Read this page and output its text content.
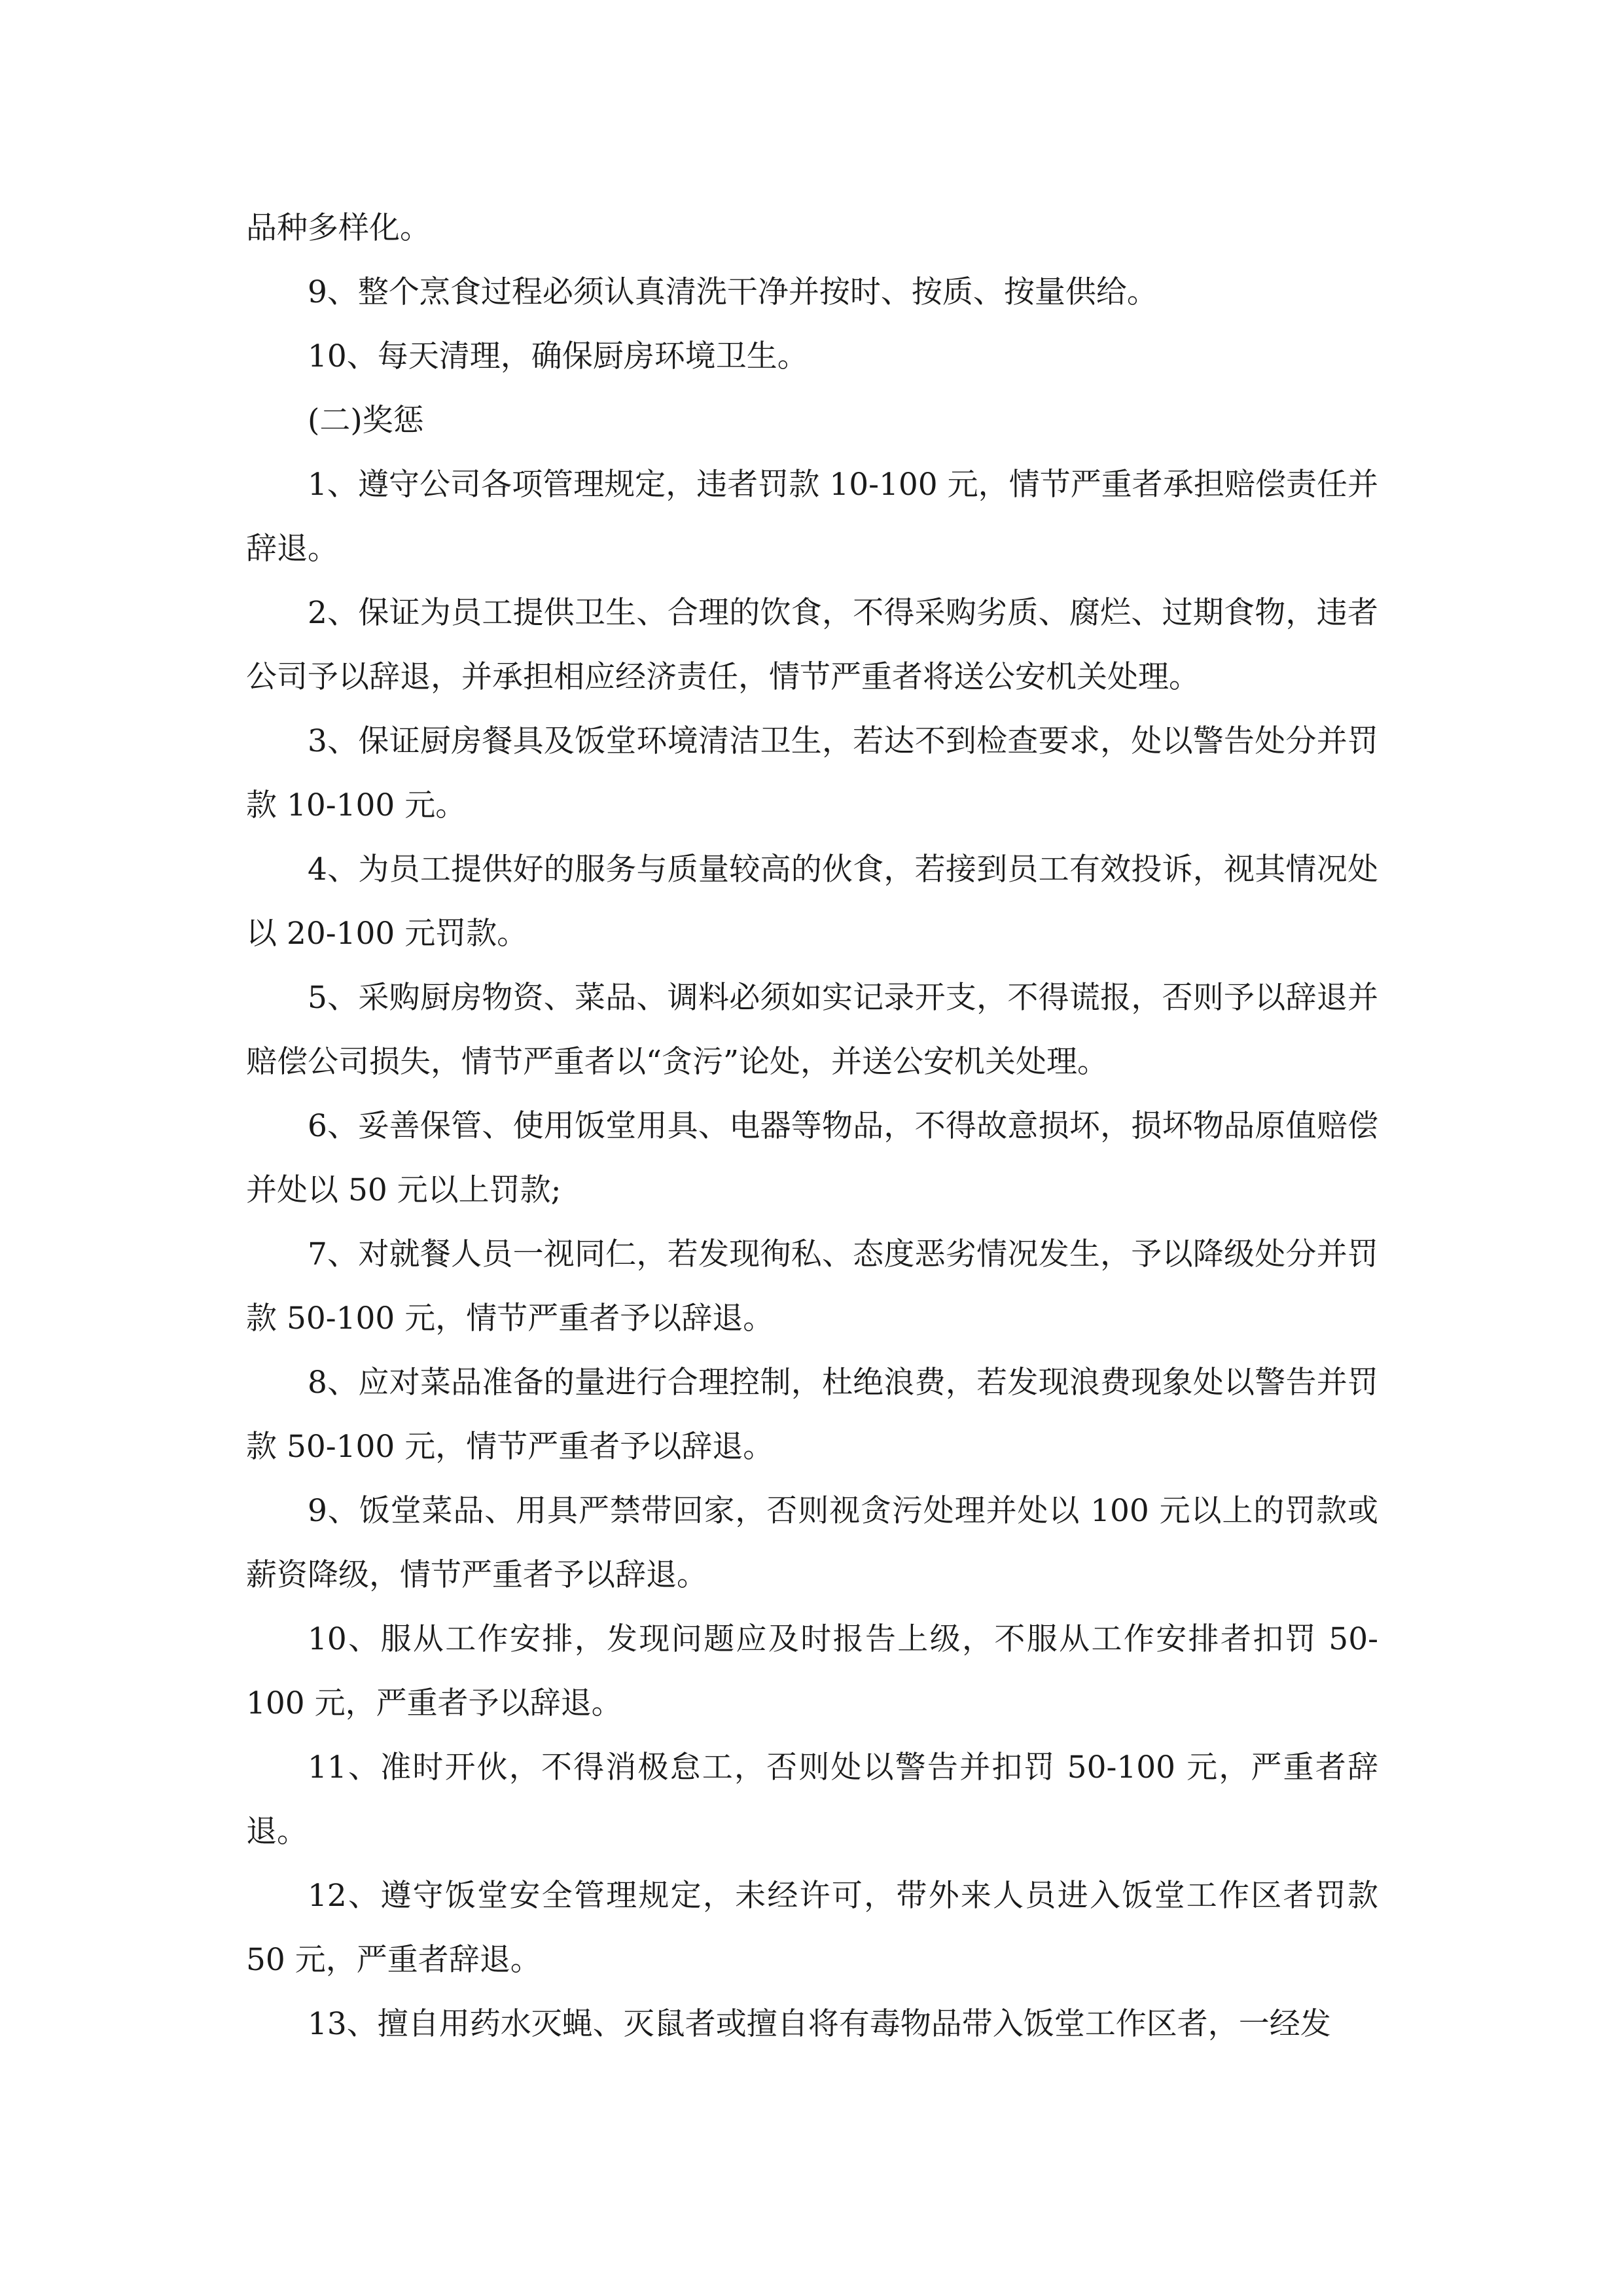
品种多样化。

9、整个烹食过程必须认真清洗干净并按时、按质、按量供给。

10、每天清理，确保厨房环境卫生。

(二)奖惩

1、遵守公司各项管理规定，违者罚款 10-100 元，情节严重者承担赔偿责任并辞退。

2、保证为员工提供卫生、合理的饮食，不得采购劣质、腐烂、过期食物，违者公司予以辞退，并承担相应经济责任，情节严重者将送公安机关处理。

3、保证厨房餐具及饭堂环境清洁卫生，若达不到检查要求，处以警告处分并罚款 10-100 元。

4、为员工提供好的服务与质量较高的伙食，若接到员工有效投诉，视其情况处以 20-100 元罚款。

5、采购厨房物资、菜品、调料必须如实记录开支，不得谎报，否则予以辞退并赔偿公司损失，情节严重者以“贪污”论处，并送公安机关处理。

6、妥善保管、使用饭堂用具、电器等物品，不得故意损坏，损坏物品原值赔偿并处以 50 元以上罚款;

7、对就餐人员一视同仁，若发现徇私、态度恶劣情况发生，予以降级处分并罚款 50-100 元，情节严重者予以辞退。

8、应对菜品准备的量进行合理控制，杜绝浪费，若发现浪费现象处以警告并罚款 50-100 元，情节严重者予以辞退。

9、饭堂菜品、用具严禁带回家，否则视贪污处理并处以 100 元以上的罚款或薪资降级，情节严重者予以辞退。

10、服从工作安排，发现问题应及时报告上级，不服从工作安排者扣罚 50-100 元，严重者予以辞退。

11、准时开伙，不得消极怠工，否则处以警告并扣罚 50-100 元，严重者辞退。

12、遵守饭堂安全管理规定，未经许可，带外来人员进入饭堂工作区者罚款 50 元，严重者辞退。

13、擅自用药水灭蝇、灭鼠者或擅自将有毒物品带入饭堂工作区者，一经发
